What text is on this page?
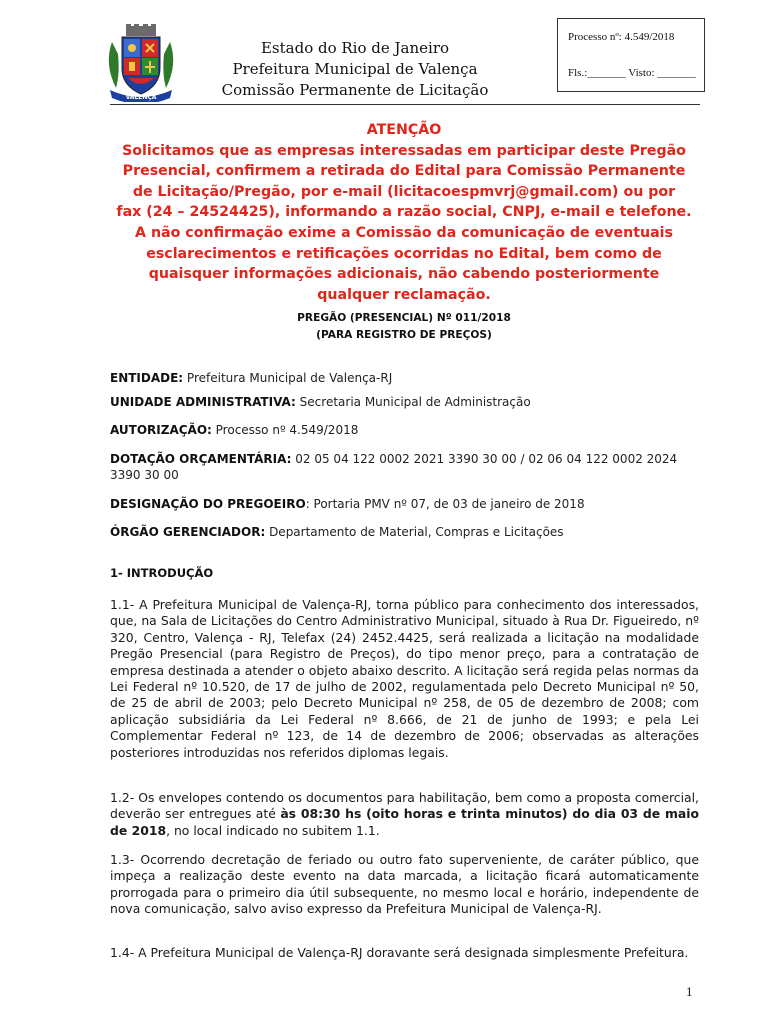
VALENÇA
Estado do Rio de Janeiro
Prefeitura Municipal de Valença
Comissão Permanente de Licitação
Processo nº: 4.549/2018
Fls.:_______ Visto: _______
ATENÇÃO
Solicitamos que as empresas interessadas em participar deste Pregão
Presencial, confirmem a retirada do Edital para Comissão Permanente
de Licitação/Pregão, por e-mail (licitacoespmvrj@gmail.com) ou por
fax (24 – 24524425), informando a razão social, CNPJ, e-mail e telefone.
A não confirmação exime a Comissão da comunicação de eventuais
esclarecimentos e retificações ocorridas no Edital, bem como de
quaisquer informações adicionais, não cabendo posteriormente
qualquer reclamação.
PREGÃO (PRESENCIAL) Nº 011/2018
(PARA REGISTRO DE PREÇOS)
ENTIDADE: Prefeitura Municipal de Valença-RJ
UNIDADE ADMINISTRATIVA: Secretaria Municipal de Administração
AUTORIZAÇÃO: Processo nº 4.549/2018
DOTAÇÃO ORÇAMENTÁRIA: 02 05 04 122 0002 2021 3390 30 00 / 02 06 04 122 0002 2024 3390 30 00
DESIGNAÇÃO DO PREGOEIRO: Portaria PMV nº 07, de 03 de janeiro de 2018
ÓRGÃO GERENCIADOR: Departamento de Material, Compras e Licitações
1- INTRODUÇÃO
1.1- A Prefeitura Municipal de Valença-RJ, torna público para conhecimento dos interessados, que, na Sala de Licitações do Centro Administrativo Municipal, situado à Rua Dr. Figueiredo, nº 320, Centro, Valença - RJ, Telefax (24) 2452.4425, será realizada a licitação na modalidade Pregão Presencial (para Registro de Preços), do tipo menor preço, para a contratação de empresa destinada a atender o objeto abaixo descrito. A licitação será regida pelas normas da Lei Federal nº 10.520, de 17 de julho de 2002, regulamentada pelo Decreto Municipal nº 50, de 25 de abril de 2003; pelo Decreto Municipal nº 258, de 05 de dezembro de 2008; com aplicação subsidiária da Lei Federal nº 8.666, de 21 de junho de 1993; e pela Lei Complementar Federal nº 123, de 14 de dezembro de 2006; observadas as alterações posteriores introduzidas nos referidos diplomas legais.
1.2- Os envelopes contendo os documentos para habilitação, bem como a proposta comercial, deverão ser entregues até às 08:30 hs (oito horas e trinta minutos) do dia 03 de maio de 2018, no local indicado no subitem 1.1.
1.3- Ocorrendo decretação de feriado ou outro fato superveniente, de caráter público, que impeça a realização deste evento na data marcada, a licitação ficará automaticamente prorrogada para o primeiro dia útil subsequente, no mesmo local e horário, independente de nova comunicação, salvo aviso expresso da Prefeitura Municipal de Valença-RJ.
1.4- A Prefeitura Municipal de Valença-RJ doravante será designada simplesmente Prefeitura.
1
